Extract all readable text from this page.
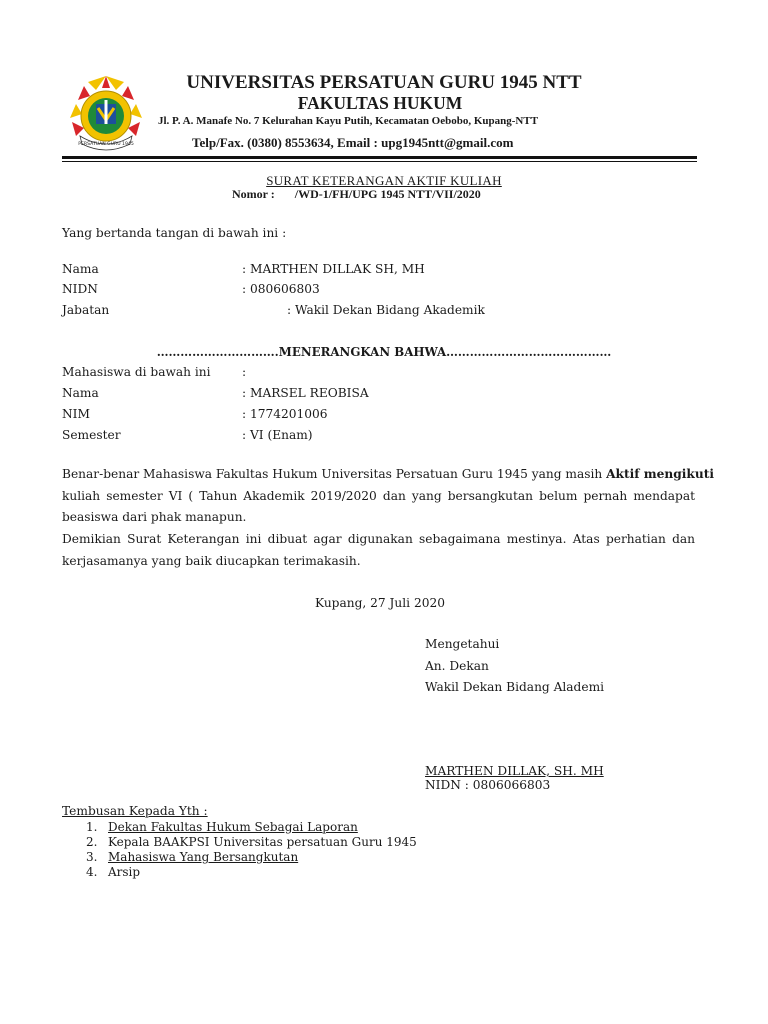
PERSATUAN GURU 1945
UNIVERSITAS PERSATUAN GURU 1945 NTT
FAKULTAS HUKUM
Jl. P. A. Manafe No. 7 Kelurahan Kayu Putih, Kecamatan Oebobo, Kupang-NTT
Telp/Fax. (0380) 8553634, Email : upg1945ntt@gmail.com
SURAT KETERANGAN AKTIF KULIAH
Nomor : /WD-1/FH/UPG 1945 NTT/VII/2020
Yang bertanda tangan di bawah ini :
Nama	: MARTHEN DILLAK SH, MH
NIDN	: 080606803
Jabatan	: Wakil Dekan Bidang Akademik
………………………….MENERANGKAN BAHWA……………………………………
Mahasiswa di bawah ini	:
Nama	: MARSEL REOBISA
NIM	: 1774201006
Semester	: VI (Enam)
Benar-benar Mahasiswa Fakultas Hukum Universitas Persatuan Guru 1945 yang masih Aktif mengikuti
kuliah semester VI ( Tahun Akademik 2019/2020 dan yang bersangkutan belum pernah mendapat
beasiswa dari phak manapun.
Demikian Surat Keterangan ini dibuat agar digunakan sebagaimana mestinya. Atas perhatian dan
kerjasamanya yang baik diucapkan terimakasih.
Kupang, 27 Juli 2020
Mengetahui
An. Dekan
Wakil Dekan Bidang Alademi
MARTHEN DILLAK, SH. MH
NIDN : 0806066803
Tembusan Kepada Yth :
1. Dekan Fakultas Hukum Sebagai Laporan
2. Kepala BAAKPSI Universitas persatuan Guru 1945
3. Mahasiswa Yang Bersangkutan
4. Arsip
